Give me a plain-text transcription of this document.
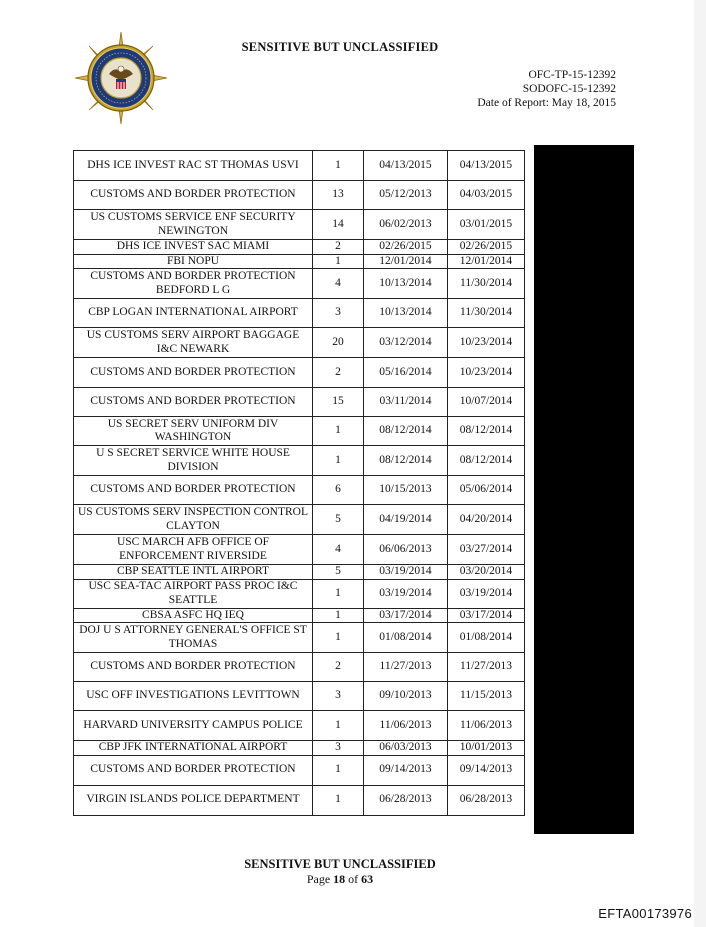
SENSITIVE BUT UNCLASSIFIED
OFC-TP-15-12392
SODOFC-15-12392
Date of Report: May 18, 2015
DHS ICE INVEST RAC ST THOMAS USVI	1	04/13/2015	04/13/2015	
CUSTOMS AND BORDER PROTECTION	13	05/12/2013	04/03/2015	
US CUSTOMS SERVICE ENF SECURITY NEWINGTON	14	06/02/2013	03/01/2015	
DHS ICE INVEST SAC MIAMI	2	02/26/2015	02/26/2015	
FBI NOPU	1	12/01/2014	12/01/2014	
CUSTOMS AND BORDER PROTECTION BEDFORD L G	4	10/13/2014	11/30/2014	
CBP LOGAN INTERNATIONAL AIRPORT	3	10/13/2014	11/30/2014	
US CUSTOMS SERV AIRPORT BAGGAGE I&C NEWARK	20	03/12/2014	10/23/2014	
CUSTOMS AND BORDER PROTECTION	2	05/16/2014	10/23/2014	
CUSTOMS AND BORDER PROTECTION	15	03/11/2014	10/07/2014	
US SECRET SERV UNIFORM DIV WASHINGTON	1	08/12/2014	08/12/2014	
U S SECRET SERVICE WHITE HOUSE DIVISION	1	08/12/2014	08/12/2014	
CUSTOMS AND BORDER PROTECTION	6	10/15/2013	05/06/2014	
US CUSTOMS SERV INSPECTION CONTROL CLAYTON	5	04/19/2014	04/20/2014	
USC MARCH AFB OFFICE OF ENFORCEMENT RIVERSIDE	4	06/06/2013	03/27/2014	
CBP SEATTLE INTL AIRPORT	5	03/19/2014	03/20/2014	
USC SEA-TAC AIRPORT PASS PROC I&C SEATTLE	1	03/19/2014	03/19/2014	
CBSA ASFC HQ IEQ	1	03/17/2014	03/17/2014	
DOJ U S ATTORNEY GENERAL'S OFFICE ST THOMAS	1	01/08/2014	01/08/2014	
CUSTOMS AND BORDER PROTECTION	2	11/27/2013	11/27/2013	
USC OFF INVESTIGATIONS LEVITTOWN	3	09/10/2013	11/15/2013	
HARVARD UNIVERSITY CAMPUS POLICE	1	11/06/2013	11/06/2013	
CBP JFK INTERNATIONAL AIRPORT	3	06/03/2013	10/01/2013	
CUSTOMS AND BORDER PROTECTION	1	09/14/2013	09/14/2013	
VIRGIN ISLANDS POLICE DEPARTMENT	1	06/28/2013	06/28/2013	
SENSITIVE BUT UNCLASSIFIED
Page 18 of 63
EFTA00173976
